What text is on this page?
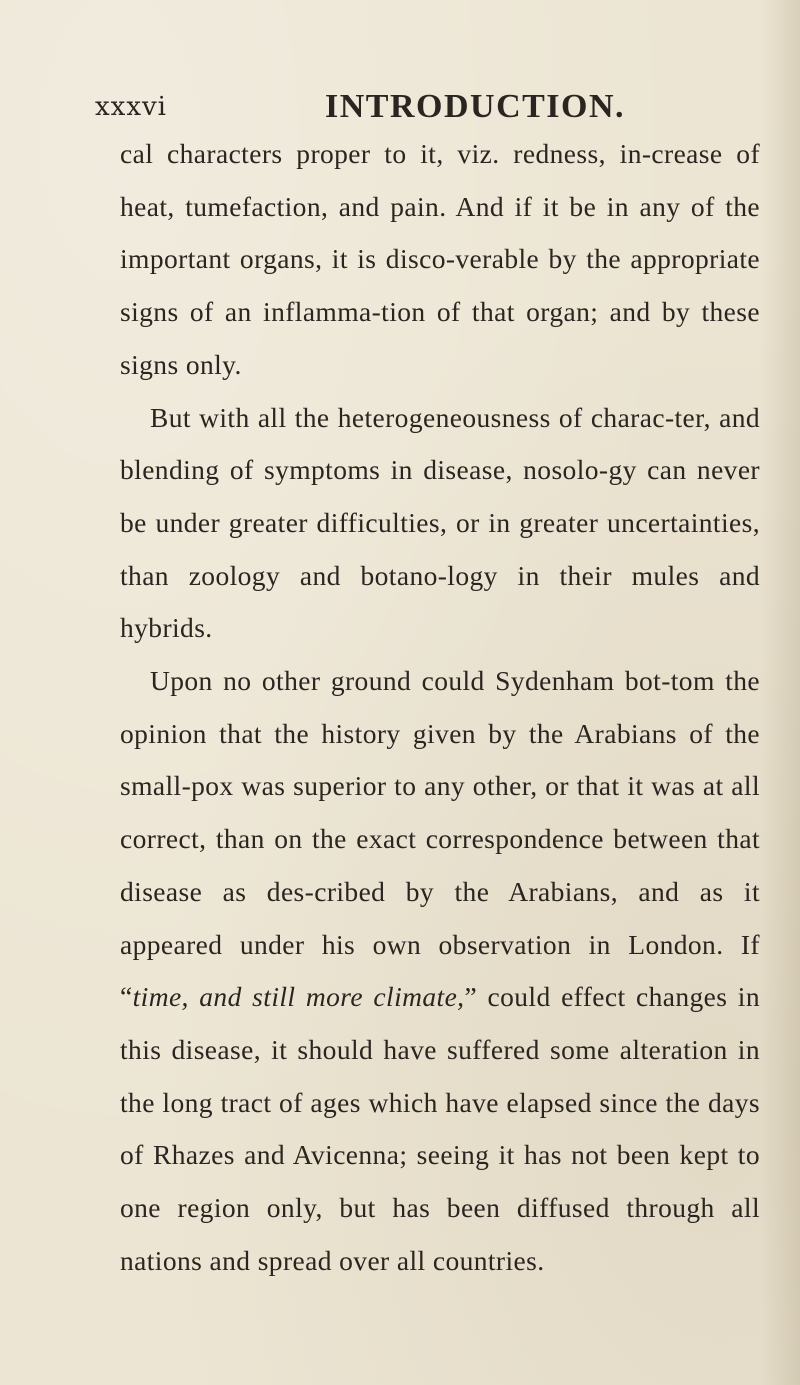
xxxvi	INTRODUCTION.

cal characters proper to it, viz. redness, in-crease of heat, tumefaction, and pain. And if it be in any of the important organs, it is disco-verable by the appropriate signs of an inflamma-tion of that organ; and by these signs only.

But with all the heterogeneousness of charac-ter, and blending of symptoms in disease, nosolo-gy can never be under greater difficulties, or in greater uncertainties, than zoology and botano-logy in their mules and hybrids.

Upon no other ground could Sydenham bot-tom the opinion that the history given by the Arabians of the small-pox was superior to any other, or that it was at all correct, than on the exact correspondence between that disease as des-cribed by the Arabians, and as it appeared under his own observation in London. If “time, and still more climate,” could effect changes in this disease, it should have suffered some alteration in the long tract of ages which have elapsed since the days of Rhazes and Avicenna; seeing it has not been kept to one region only, but has been diffused through all nations and spread over all countries.
